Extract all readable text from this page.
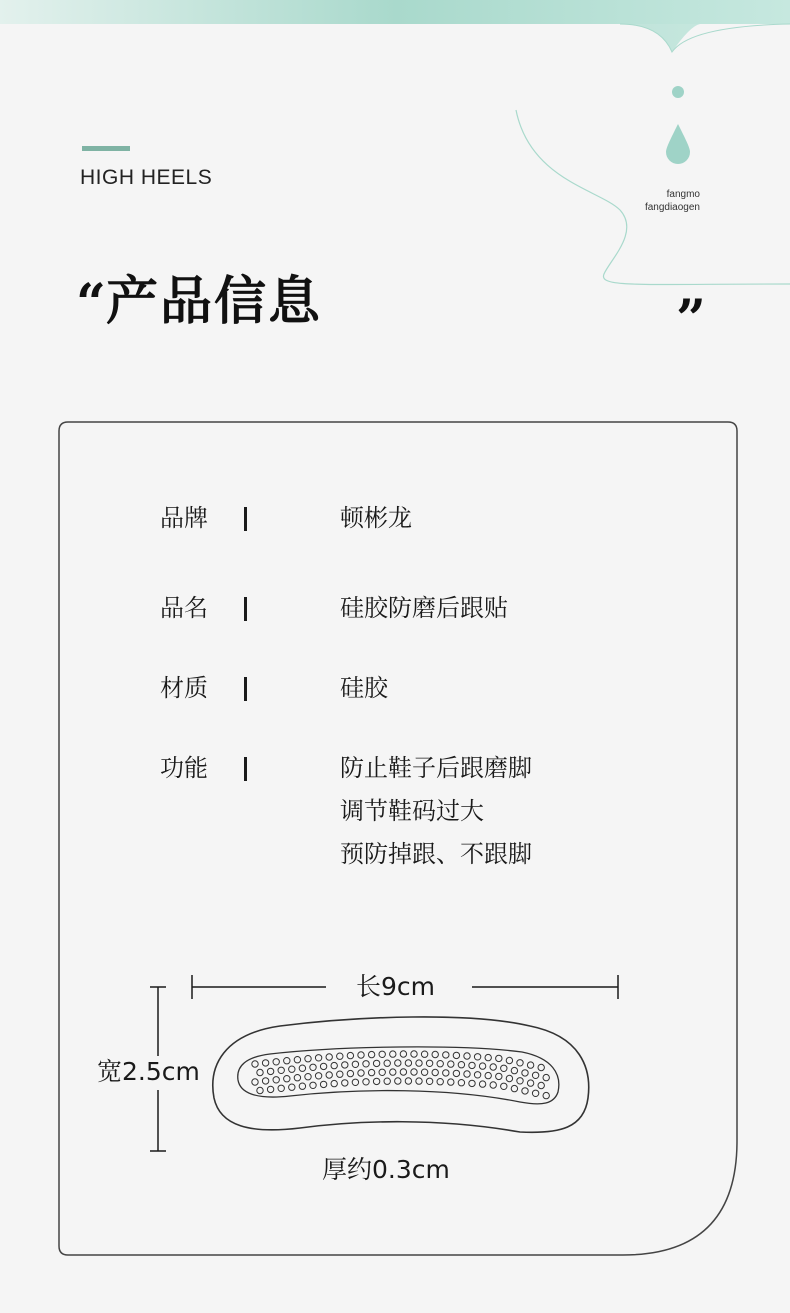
HIGH HEELS
fangmo
fangdiaogen
“ 产品信息	”
品牌	顿彬龙
品名	硅胶防磨后跟贴
材质	硅胶
功能	防止鞋子后跟磨脚
调节鞋码过大
预防掉跟、不跟脚
长9cm
宽2.5cm
厚约0.3cm
